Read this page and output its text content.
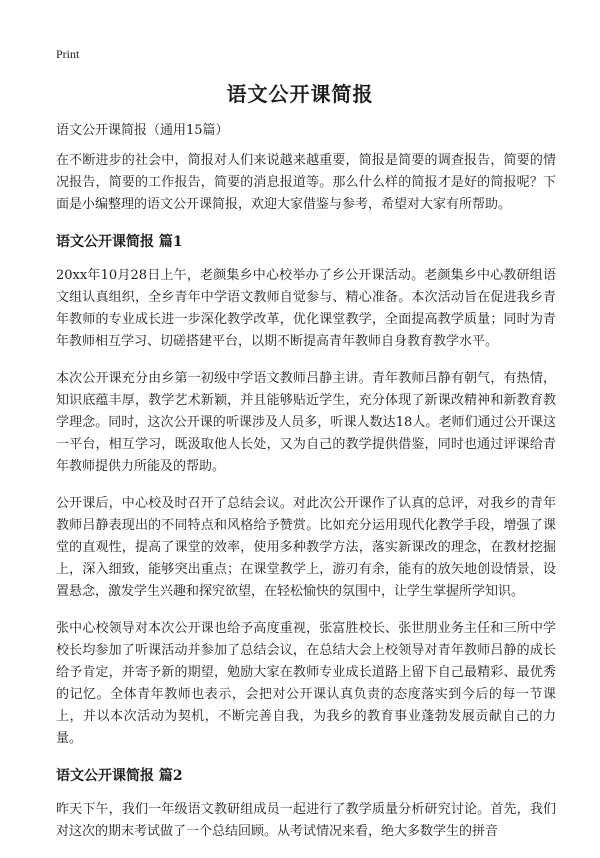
Print
语文公开课简报
语文公开课简报（通用15篇）

在不断进步的社会中，简报对人们来说越来越重要，简报是简要的调查报告，简要的情况报告，简要的工作报告，简要的消息报道等。那么什么样的简报才是好的简报呢？下面是小编整理的语文公开课简报，欢迎大家借鉴与参考，希望对大家有所帮助。

语文公开课简报 篇1

20xx年10月28日上午，老颜集乡中心校举办了乡公开课活动。老颜集乡中心教研组语文组认真组织，全乡青年中学语文教师自觉参与、精心准备。本次活动旨在促进我乡青年教师的专业成长进一步深化教学改革，优化课堂教学，全面提高教学质量；同时为青年教师相互学习、切磋搭建平台，以期不断提高青年教师自身教育教学水平。

本次公开课充分由乡第一初级中学语文教师吕静主讲。青年教师吕静有朝气，有热情，知识底蕴丰厚，教学艺术新颖，并且能够贴近学生，充分体现了新课改精神和新教育教学理念。同时，这次公开课的听课涉及人员多，听课人数达18人。老师们通过公开课这一平台，相互学习，既汲取他人长处，又为自己的教学提供借鉴，同时也通过评课给青年教师提供力所能及的帮助。

公开课后，中心校及时召开了总结会议。对此次公开课作了认真的总评，对我乡的青年教师吕静表现出的不同特点和风格给予赞赏。比如充分运用现代化教学手段，增强了课堂的直观性，提高了课堂的效率，使用多种教学方法，落实新课改的理念，在教材挖掘上，深入细致，能够突出重点；在课堂教学上，游刃有余，能有的放矢地创设情景，设置悬念，激发学生兴趣和探究欲望，在轻松愉快的氛围中，让学生掌握所学知识。

张中心校领导对本次公开课也给予高度重视，张富胜校长、张世朋业务主任和三所中学校长均参加了听课活动并参加了总结会议，在总结大会上校领导对青年教师吕静的成长给予肯定，并寄予新的期望，勉励大家在教师专业成长道路上留下自己最精彩、最优秀的记忆。全体青年教师也表示，会把对公开课认真负责的态度落实到今后的每一节课上，并以本次活动为契机，不断完善自我，为我乡的教育事业蓬勃发展贡献自己的力量。

语文公开课简报 篇2

昨天下午，我们一年级语文教研组成员一起进行了教学质量分析研究讨论。首先，我们对这次的期末考试做了一个总结回顾。从考试情况来看，绝大多数学生的拼音
